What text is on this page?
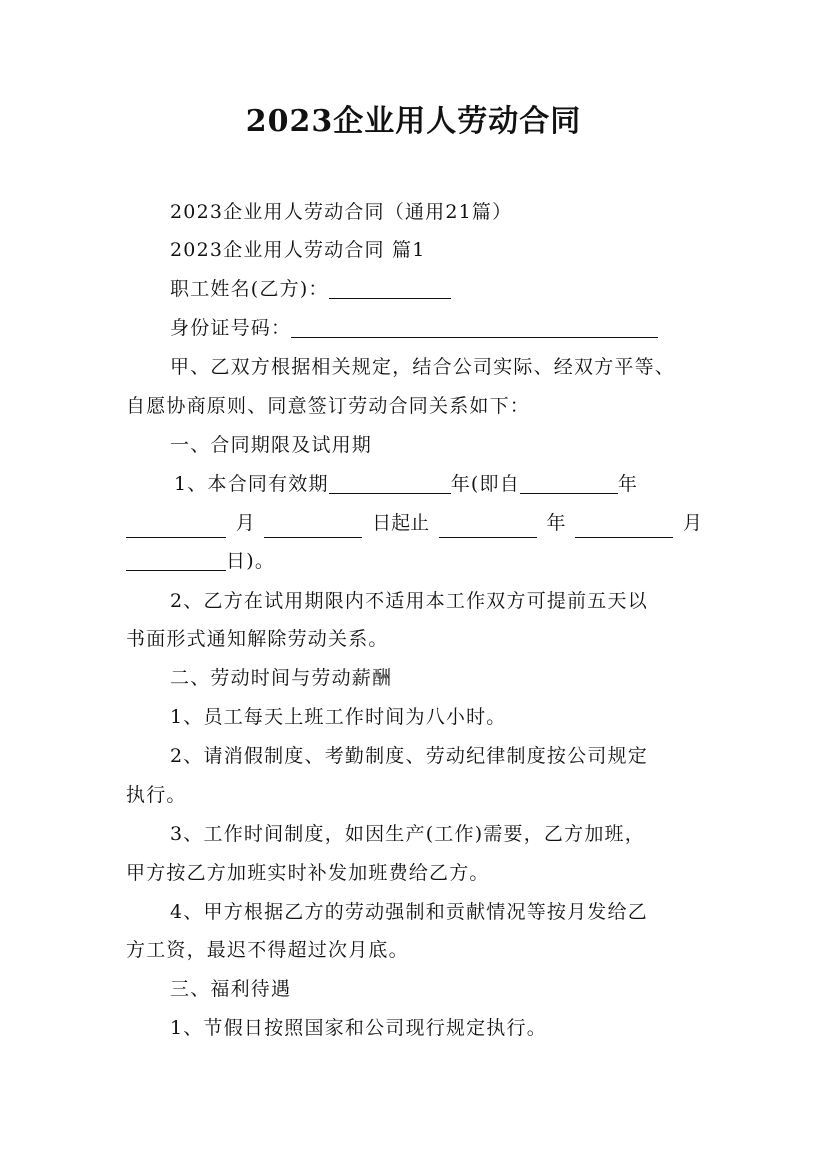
2023企业用人劳动合同
2023企业用人劳动合同（通用21篇）
2023企业用人劳动合同 篇1
职工姓名(乙方)：
身份证号码：
甲、乙双方根据相关规定，结合公司实际、经双方平等、
自愿协商原则、同意签订劳动合同关系如下：
一、合同期限及试用期
1、本合同有效期	年(即自	年
月	日起止	年	月
日)。
2、乙方在试用期限内不适用本工作双方可提前五天以
书面形式通知解除劳动关系。
二、劳动时间与劳动薪酬
1、员工每天上班工作时间为八小时。
2、请消假制度、考勤制度、劳动纪律制度按公司规定
执行。
3、工作时间制度，如因生产(工作)需要，乙方加班，
甲方按乙方加班实时补发加班费给乙方。
4、甲方根据乙方的劳动强制和贡献情况等按月发给乙
方工资，最迟不得超过次月底。
三、福利待遇
1、节假日按照国家和公司现行规定执行。
